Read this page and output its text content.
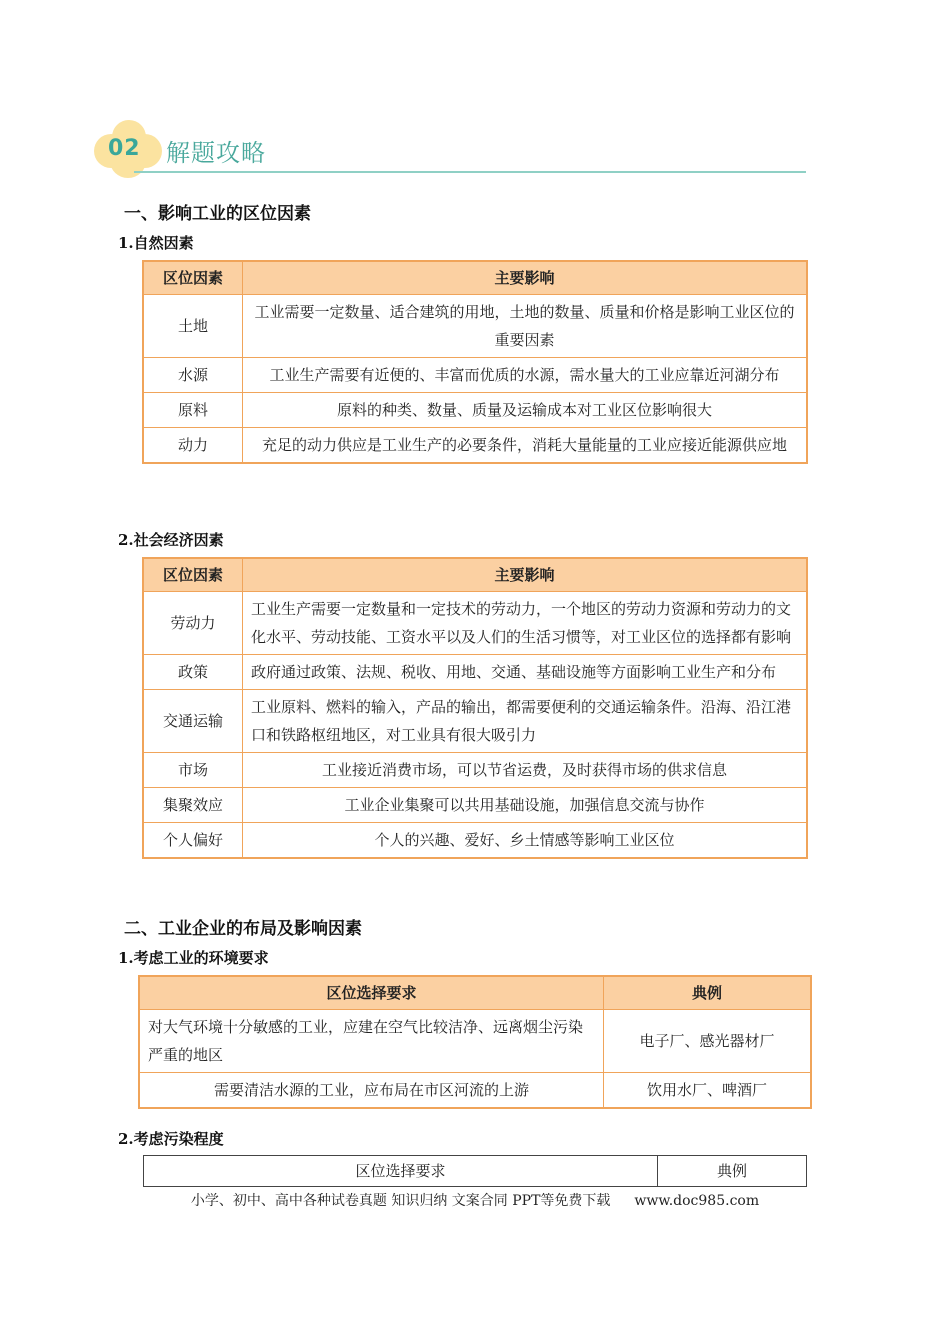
02 解题攻略
一、影响工业的区位因素
1.自然因素
区位因素	主要影响
土地	工业需要一定数量、适合建筑的用地，土地的数量、质量和价格是影响工业区位的重要因素
水源	工业生产需要有近便的、丰富而优质的水源，需水量大的工业应靠近河湖分布
原料	原料的种类、数量、质量及运输成本对工业区位影响很大
动力	充足的动力供应是工业生产的必要条件，消耗大量能量的工业应接近能源供应地
2.社会经济因素
区位因素	主要影响
劳动力	工业生产需要一定数量和一定技术的劳动力，一个地区的劳动力资源和劳动力的文化水平、劳动技能、工资水平以及人们的生活习惯等，对工业区位的选择都有影响
政策	政府通过政策、法规、税收、用地、交通、基础设施等方面影响工业生产和分布
交通运输	工业原料、燃料的输入，产品的输出，都需要便利的交通运输条件。沿海、沿江港口和铁路枢纽地区，对工业具有很大吸引力
市场	工业接近消费市场，可以节省运费，及时获得市场的供求信息
集聚效应	工业企业集聚可以共用基础设施，加强信息交流与协作
个人偏好	个人的兴趣、爱好、乡土情感等影响工业区位
二、工业企业的布局及影响因素
1.考虑工业的环境要求
区位选择要求	典例
对大气环境十分敏感的工业，应建在空气比较洁净、远离烟尘污染严重的地区	电子厂、感光器材厂
需要清洁水源的工业，应布局在市区河流的上游	饮用水厂、啤酒厂
2.考虑污染程度
区位选择要求	典例
小学、初中、高中各种试卷真题 知识归纳 文案合同 PPT等免费下载 www.doc985.com
